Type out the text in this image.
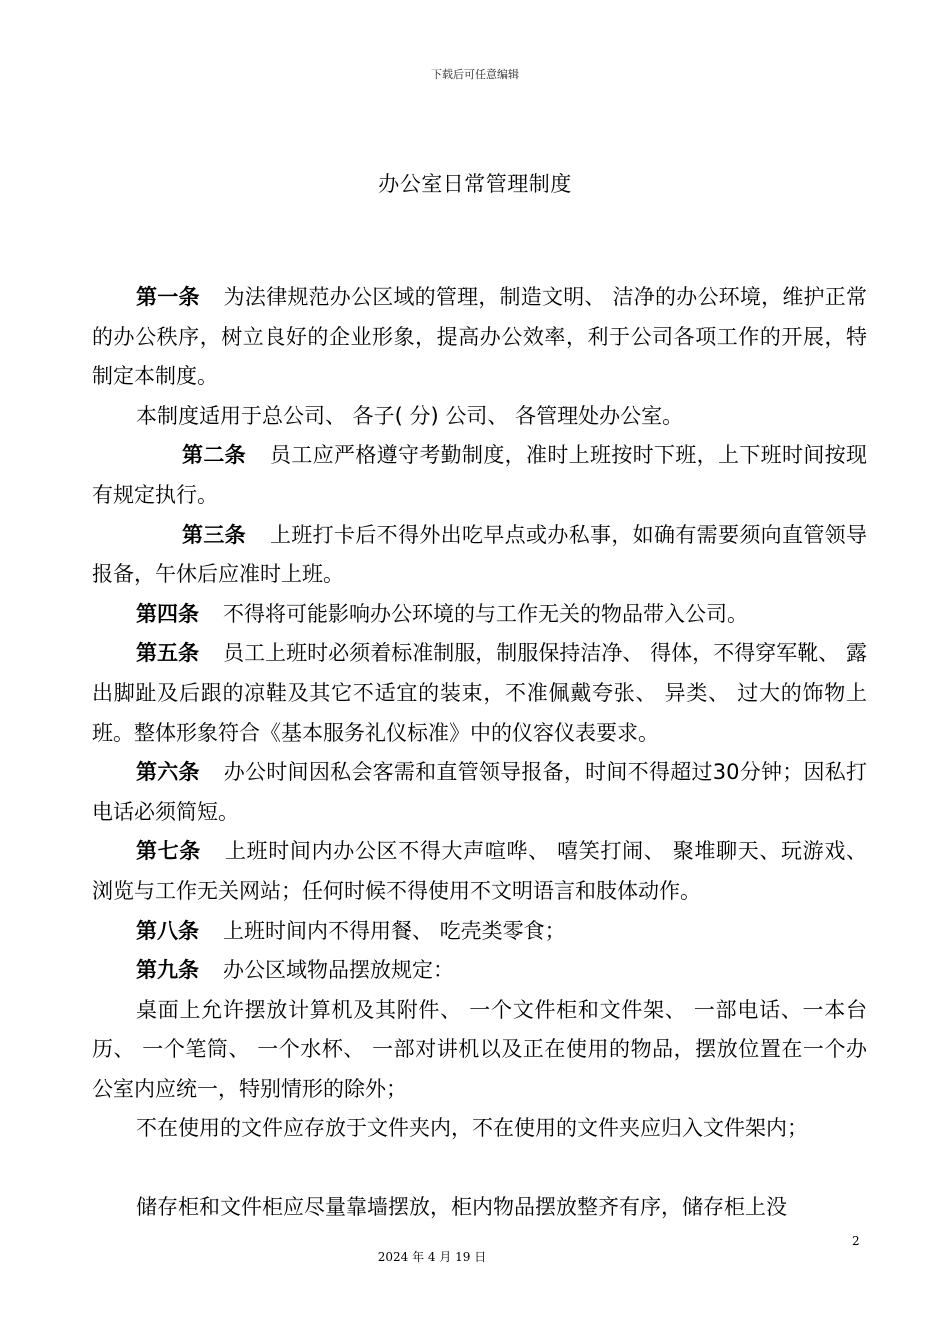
下载后可任意编辑
办公室日常管理制度

第一条 为法律规范办公区域的管理，制造文明、 洁净的办公环境，维护正常的办公秩序，树立良好的企业形象，提高办公效率，利于公司各项工作的开展，特制定本制度。

本制度适用于总公司、 各子( 分) 公司、 各管理处办公室。

第二条 员工应严格遵守考勤制度，准时上班按时下班，上下班时间按现有规定执行。

第三条 上班打卡后不得外出吃早点或办私事，如确有需要须向直管领导报备，午休后应准时上班。

第四条 不得将可能影响办公环境的与工作无关的物品带入公司。

第五条 员工上班时必须着标准制服，制服保持洁净、 得体，不得穿军靴、 露出脚趾及后跟的凉鞋及其它不适宜的装束，不准佩戴夸张、 异类、 过大的饰物上班。整体形象符合《基本服务礼仪标准》中的仪容仪表要求。

第六条 办公时间因私会客需和直管领导报备，时间不得超过30分钟；因私打电话必须简短。

第七条 上班时间内办公区不得大声喧哗、 嘻笑打闹、 聚堆聊天、玩游戏、 浏览与工作无关网站；任何时候不得使用不文明语言和肢体动作。

第八条 上班时间内不得用餐、 吃壳类零食；

第九条 办公区域物品摆放规定：

桌面上允许摆放计算机及其附件、 一个文件柜和文件架、 一部电话、一本台历、 一个笔筒、 一个水杯、 一部对讲机以及正在使用的物品，摆放位置在一个办公室内应统一，特别情形的除外；

不在使用的文件应存放于文件夹内，不在使用的文件夹应归入文件架内；

储存柜和文件柜应尽量靠墙摆放，柜内物品摆放整齐有序，储存柜上没

2
2024 年 4 月 19 日
